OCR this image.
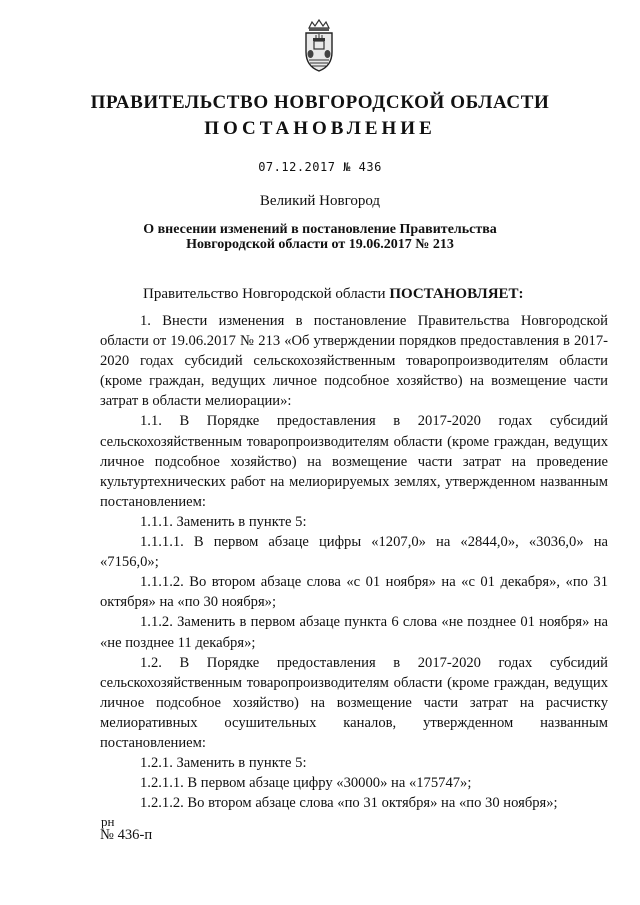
ПРАВИТЕЛЬСТВО НОВГОРОДСКОЙ ОБЛАСТИ
ПОСТАНОВЛЕНИЕ
07.12.2017 № 436
Великий Новгород
О внесении изменений в постановление Правительства
Новгородской области от 19.06.2017 № 213
Правительство Новгородской области ПОСТАНОВЛЯЕТ:

1. Внести изменения в постановление Правительства Новгородской области от 19.06.2017 № 213 «Об утверждении порядков предоставления в 2017-2020 годах субсидий сельскохозяйственным товаропроизводителям области (кроме граждан, ведущих личное подсобное хозяйство) на возмещение части затрат в области мелиорации»:

1.1. В Порядке предоставления в 2017-2020 годах субсидий сельскохозяйственным товаропроизводителям области (кроме граждан, ведущих личное подсобное хозяйство) на возмещение части затрат на проведение культуртехнических работ на мелиорируемых землях, утвержденном названным постановлением:

1.1.1. Заменить в пункте 5:

1.1.1.1. В первом абзаце цифры «1207,0» на «2844,0», «3036,0» на «7156,0»;

1.1.1.2. Во втором абзаце слова «с 01 ноября» на «с 01 декабря», «по 31 октября» на «по 30 ноября»;

1.1.2. Заменить в первом абзаце пункта 6 слова «не позднее 01 ноября» на «не позднее 11 декабря»;

1.2. В Порядке предоставления в 2017-2020 годах субсидий сельскохозяйственным товаропроизводителям области (кроме граждан, ведущих личное подсобное хозяйство) на возмещение части затрат на расчистку мелиоративных осушительных каналов, утвержденном названным постановлением:

1.2.1. Заменить в пункте 5:

1.2.1.1. В первом абзаце цифру «30000» на «175747»;

1.2.1.2. Во втором абзаце слова «по 31 октября» на «по 30 ноября»;

рн
№ 436-п
